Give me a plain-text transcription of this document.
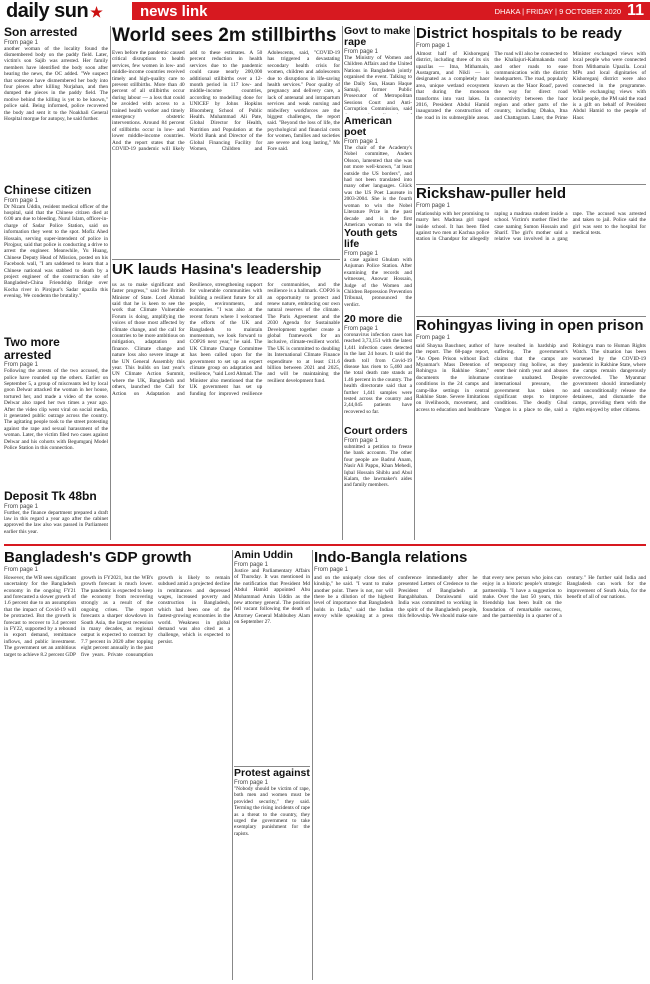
daily sun ★	news link	DHAKA | FRIDAY | 9 OCTOBER 2020 11
Son arrested
From page 1
another woman of the locality found the dismembered body on the paddy field. Later, victim's son Sajib was arrested. Her family members have identified the body soon after hearing the news, the OC added. "We suspect that someone have dismembered her body into four pieces after killing Nurjahan, and then dumped the pieces in the paddy field. The motive behind the killing is yet to be known," police said. Being informed, police recovered the body and sent it to the Noakhali General Hospital morgue for autopsy, he said further.
Chinese citizen
From page 1
Dr Nizam Uddin, resident medical officer of the hospital, said that the Chinese citizen died at 6:00 am due to bleeding. Nurul Islam, officer-in-charge of Sadar Police Station, said on information they went to the spot. Mofiz Ahed Hossain, serving super-intendent of police in Pirojpur, said that police is conducting a drive to arrest the engineer. Meanwhile, Yu Huang, Chinese Deputy Head of Mission, posted on his Facebook wall, "I am saddened to learn that a Chinese national was stabbed to death by a project engineer of the construction site of Bangladesh-China Friendship Bridge over Kocha river in Pirojpur's Sadar upazila this evening. We condemn the brutality."
Two more arrested
From page 1
Following the arrests of the two accused, the police have rounded up the others. Earlier on September 5, a group of miscreants led by local goon Delwar attacked the woman in her house, tortured her, and made a video of the scene. Delwar also raped her two times a year ago. After the video clip went viral on social media, it generated public outrage across the country. The agitating people took to the street protesting against the rape and sexual harassment of the woman. Later, the victim filed two cases against Delwar and his cohorts with Begumganj Model Police Station in this connection.
Deposit Tk 48bn
From page 1
Further, the finance department prepared a draft law in this regard a year ago after the cabinet approved the law also was passed in Parliament earlier this year.
World sees 2m stillbirths
Even before the pandemic caused critical disruptions to health services, few women in low- and middle-income countries received timely and high-quality care to prevent stillbirths. More than 40 percent of all stillbirths occur during labour — a loss that could be avoided with access to a trained health worker and timely emergency obstetric interventions. Around 84 percent of stillbirths occur in low- and lower middle-income countries. And the report states that the COVID-19 pandemic will likely add to these estimates. A 50 percent reduction in health services due to the pandemic could cause nearly 200,000 additional stillbirths over a 12-month period in 117 low- and middle-income countries, according to modelling done for UNICEF by Johns Hopkins Bloomberg School of Public Health. Muhammad Ali Pate, Global Director for Health, Nutrition and Population at the World Bank and Director of the Global Financing Facility for Women, Children and Adolescents, said, "COVID-19 has triggered a devastating secondary health crisis for women, children and adolescents due to disruptions in life-saving health services." Poor quality of pregnancy and delivery care, a lack of antenatal and intrapartum services and weak nursing and midwifery workforces are the biggest challenges, the report said. "Beyond the loss of life, the psychological and financial costs for women, families and societies are severe and long lasting," Ms Fore said.
Govt to make rape
From page 1
The Ministry of Women and Children Affairs and the United Nations in Bangladesh jointly organised the event. Talking to the Daily Sun, Hasan Haque Samaji, former Public Prosecutor of Metropolitan Sessions Court and Anti-Corruption Commission, said
American poet
From page 1
The chair of the Academy's Nobel committee, Anders Olsson, lamented that she was not more well-known, "at least outside the US borders", and had not been translated into many other languages. Glück was the US Poet Laureate in 2003-2004. She is the fourth woman to win the Nobel Literature Prize in the past decade and is the first American woman to win the
Youth gets life
From page 1
a case against Ghulam with Anjuman Police Station. After examining the records and witnesses, Anowar Hossain, Judge of the Women and Children Repression Prevention Tribunal, pronounced the verdict.
20 more die
From page 1
coronavirus infection cases has reached 3,73,151 with the latest 1,441 infection cases detected in the last 24 hours. It said the death toll from Covid-19 disease has risen to 5,460 and the total death rate stands at 1.46 percent in the country. The health directorate said that a further 1,441 samples were tested across the country and 2,44,045 patients have recovered so far.
Court orders
From page 1
submitted a petition to freeze the bank accounts. The other four people are Badrul Anam, Nasir Ali Pappu, Khan Mehedi, Iqbal Hossain Shiblu and Abul Kalam, the lawmaker's aides and family members.
UK lauds Hasina's leadership
us as to make significant and faster progress," said the British Minister of State. Lord Ahmad said that he is keen to see the work that Climate Vulnerable Forum is doing, amplifying the voices of those most affected by climate change, and the call for countries to be more ambitious on mitigation, adaptation and finance. Climate change and nature loss also severe image at the UN General Assembly this year. This builds on last year's UN Climate Action Summit, where the UK, Bangladesh and others, launched the Call for Action on Adaptation and Resilience, strengthening support for vulnerable communities with building a resilient future for all people, environments, and economies. "I was also at the recent forum where I welcomed the efforts of the UK and Bangladesh to maintain momentum, we look forward to COP26 next year," he said. The UK Climate Change Committee has been called upon for the government to set up an expert climate group on adaptation and resilience, "said Lord Ahmad. The Minister also mentioned that the UK government has set up funding for improved resilience for communities, and the resilience is a hallmark. COP26 is an opportunity to protect and renew nature, embracing our own natural reserves of the climate. The Paris Agreement and the 2030 Agenda for Sustainable Development together create a global framework for an inclusive, climate-resilient world. The UK is committed to doubling its International Climate Finance expenditure to at least £11.6 billion between 2021 and 2025, and will be maintaining the resilient development fund.
District hospitals to be ready
From page 1
Almost half of Kishoreganj district, including three of its six upazilas — Itna, Mithamain, Austagram, and Nikli — is designated as a completely haor area, unique wetland ecosystem that during the monsoon transforms into vast lakes. In 2016, President Abdul Hamid inaugurated the construction of the road in its submergible areas. The road will also be connected to the Khaliajuri-Kalmakanda road and other roads to ease communication with the district headquarters. The road, popularly known as the 'Haor Road', paved the way for direct road connectivity between the haor region and other parts of the country, including Dhaka, Itna and Chattagram. Later, the Prime Minister exchanged views with local people who were connected from Mithamain Upazila. Local MPs and local dignitaries of Kishoreganj district were also connected in the programme. While exchanging views with local people, the PM said the road is a gift on behalf of President Abdul Hamid to the people of Haor.
Rickshaw-puller held
From page 1
relationship with her promising to marry her. Madrasa girl raped inside school. It has been filed against two men at Kachua police station in Chandpur for allegedly raping a madrasa student inside a school. Victim's mother filed the case naming Sumon Hossain and Sharif. The girl's mother said a relative was involved in a gang rape. The accused was arrested and taken to jail. Police said the girl was sent to the hospital for medical tests.
Rohingyas living in open prison
From page 1
said Shayna Bauchner, author of the report. The 68-page report, "An Open Prison without End: Myanmar's Mass Detention of Rohingya in Rakhine State," documents the inhumane conditions in the 24 camps and camp-like settings in central Rakhine State. Severe limitations on livelihoods, movement, and access to education and healthcare have resulted in hardship and suffering. The government's claims that the camps are temporary ring hollow, as they enter their ninth year and abuses continue unabated. Despite international pressure, the government has taken no significant steps to improve conditions. The deadly Ghul Yangon is a place to die, said a Rohingya man to Human Rights Watch. The situation has been worsened by the COVID-19 pandemic in Rakhine State, where the camps remain dangerously overcrowded. The Myanmar government should immediately and unconditionally release the detainees, and dismantle the camps, providing them with the rights enjoyed by other citizens.
Bangladesh's GDP growth
From page 1
However, the WB sees significant uncertainty for the Bangladesh economy in the ongoing FY21 and forecasted a slower growth of 1.6 percent due to an assumption that the impact of Covid-19 will be protracted. But the growth is forecast to recover to 3.4 percent in FY22, supported by a rebound in export demand, remittance inflows, and public investment. The government set an ambitious target to achieve 8.2 percent GDP growth in FY2021, but the WB's growth forecast is much lower. The pandemic is expected to keep the economy from recovering strongly as a result of the ongoing crises. The report forecasts a sharper slowdown in South Asia, the largest recession in many decades, as regional output is expected to contract by 7.7 percent in 2020 after topping eight percent annually in the past five years. Private consumption growth is likely to remain subdued amid a projected decline in remittances and depressed wages, increased poverty and construction in Bangladesh, which had been one of the fastest-growing economies in the world. Weakness in global demand was also cited as a challenge, which is expected to persist.
Amin Uddin
From page 1
Justice and Parliamentary Affairs of Thursday. It was mentioned in the notification that President Md Abdul Hamid appointed Abu Mohammad Amin Uddin as the new attorney general. The position fell vacant following the death of Attorney General Mahbubey Alam on September 27.
Protest against
From page 1
"Nobody should be victim of rape, both men and women must be provided security," they said. Terming the rising incidents of rape as a threat to the country, they urged the government to take exemplary punishment for the rapists.
Indo-Bangla relations
From page 1
and on the uniquely close ties of kinship," he said. "I want to make another point. There is not, nor will there be a dilution of the highest level of importance that Bangladesh holds in India," said the Indian envoy while speaking at a press conference immediately after he presented Letters of Credence to the President of Bangladesh at Bangabhaban. Doraiswami said India was committed to working in the spirit of the Bangladesh people, this fellowship. We should make sure that every new person who joins can enjoy in a historic people's strategic partnership. "I have a suggestion to make. Over the last 50 years, this friendship has been built on the foundation of remarkable success, and the partnership in a quarter of a century." He further said India and Bangladesh can work for the improvement of South Asia, for the benefit of all of our nations.
